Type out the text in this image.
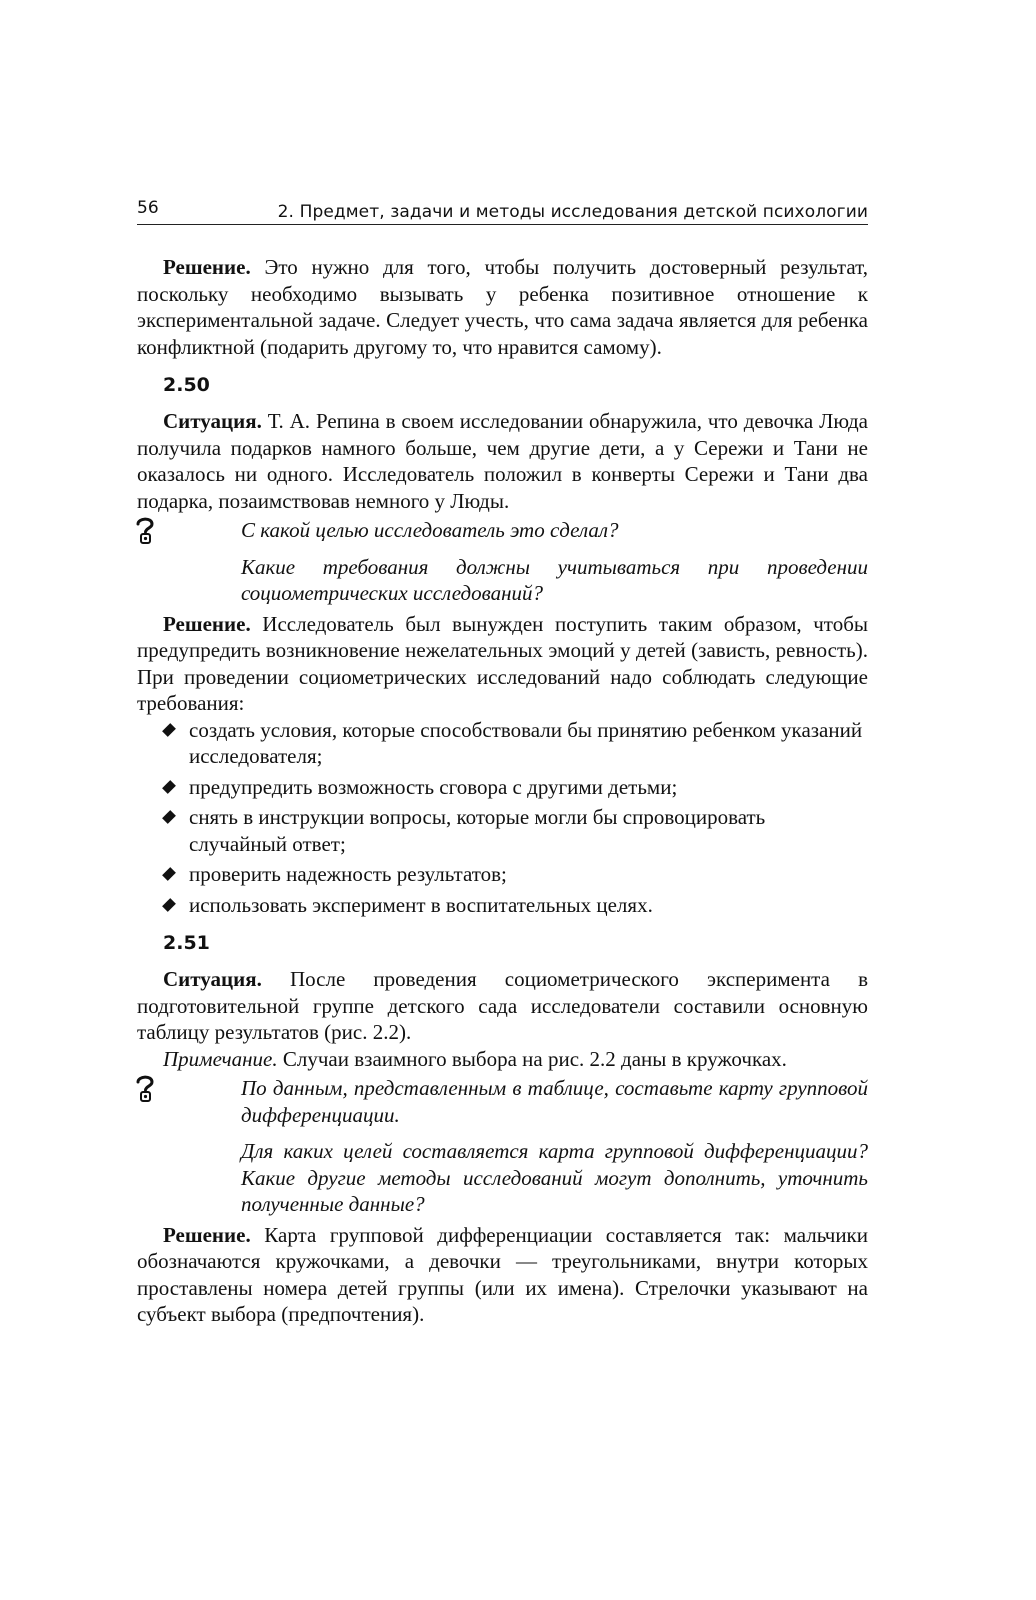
56	2. Предмет, задачи и методы исследования детской психологии

Решение. Это нужно для того, чтобы получить достоверный результат, поскольку необходимо вызывать у ребенка позитивное отношение к экспериментальной задаче. Следует учесть, что сама задача является для ребенка конфликтной (подарить другому то, что нравится самому).

2.50

Ситуация. Т. А. Репина в своем исследовании обнаружила, что девочка Люда получила подарков намного больше, чем другие дети, а у Сережи и Тани не оказалось ни одного. Исследователь положил в конверты Сережи и Тани два подарка, позаимствовав немного у Люды.

С какой целью исследователь это сделал?

Какие требования должны учитываться при проведении социометрических исследований?

Решение. Исследователь был вынужден поступить таким образом, чтобы предупредить возникновение нежелательных эмоций у детей (зависть, ревность). При проведении социометрических исследований надо соблюдать следующие требования:

создать условия, которые способствовали бы принятию ребенком указаний исследователя;
предупредить возможность сговора с другими детьми;
снять в инструкции вопросы, которые могли бы спровоцировать случайный ответ;
проверить надежность результатов;
использовать эксперимент в воспитательных целях.
2.51

Ситуация. После проведения социометрического эксперимента в подготовительной группе детского сада исследователи составили основную таблицу результатов (рис. 2.2).

Примечание. Случаи взаимного выбора на рис. 2.2 даны в кружочках.

По данным, представленным в таблице, составьте карту групповой дифференциации.

Для каких целей составляется карта групповой дифференциации? Какие другие методы исследований могут дополнить, уточнить полученные данные?

Решение. Карта групповой дифференциации составляется так: мальчики обозначаются кружочками, а девочки — треугольниками, внутри которых проставлены номера детей группы (или их имена). Стрелочки указывают на субъект выбора (предпочтения).
